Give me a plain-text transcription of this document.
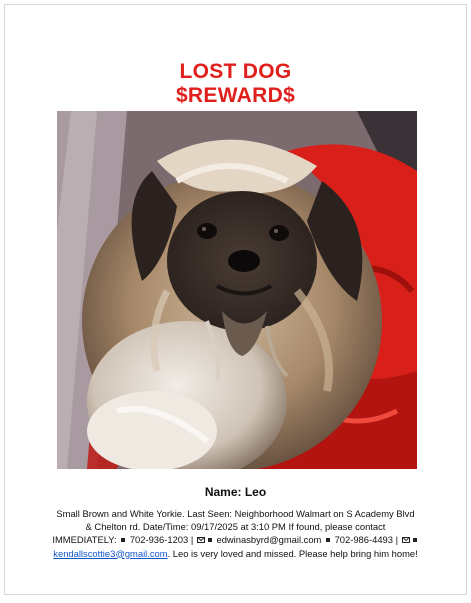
LOST DOG
$REWARD$
Name: Leo
Small Brown and White Yorkie. Last Seen: Neighborhood Walmart on S Academy Blvd
& Chelton rd. Date/Time: 09/17/2025 at 3:10 PM If found, please contact
IMMEDIATELY: 702-936-1203 | edwinasbyrd@gmail.com 702-986-4493 |
kendallscottie3@gmail.com. Leo is very loved and missed. Please help bring him home!
